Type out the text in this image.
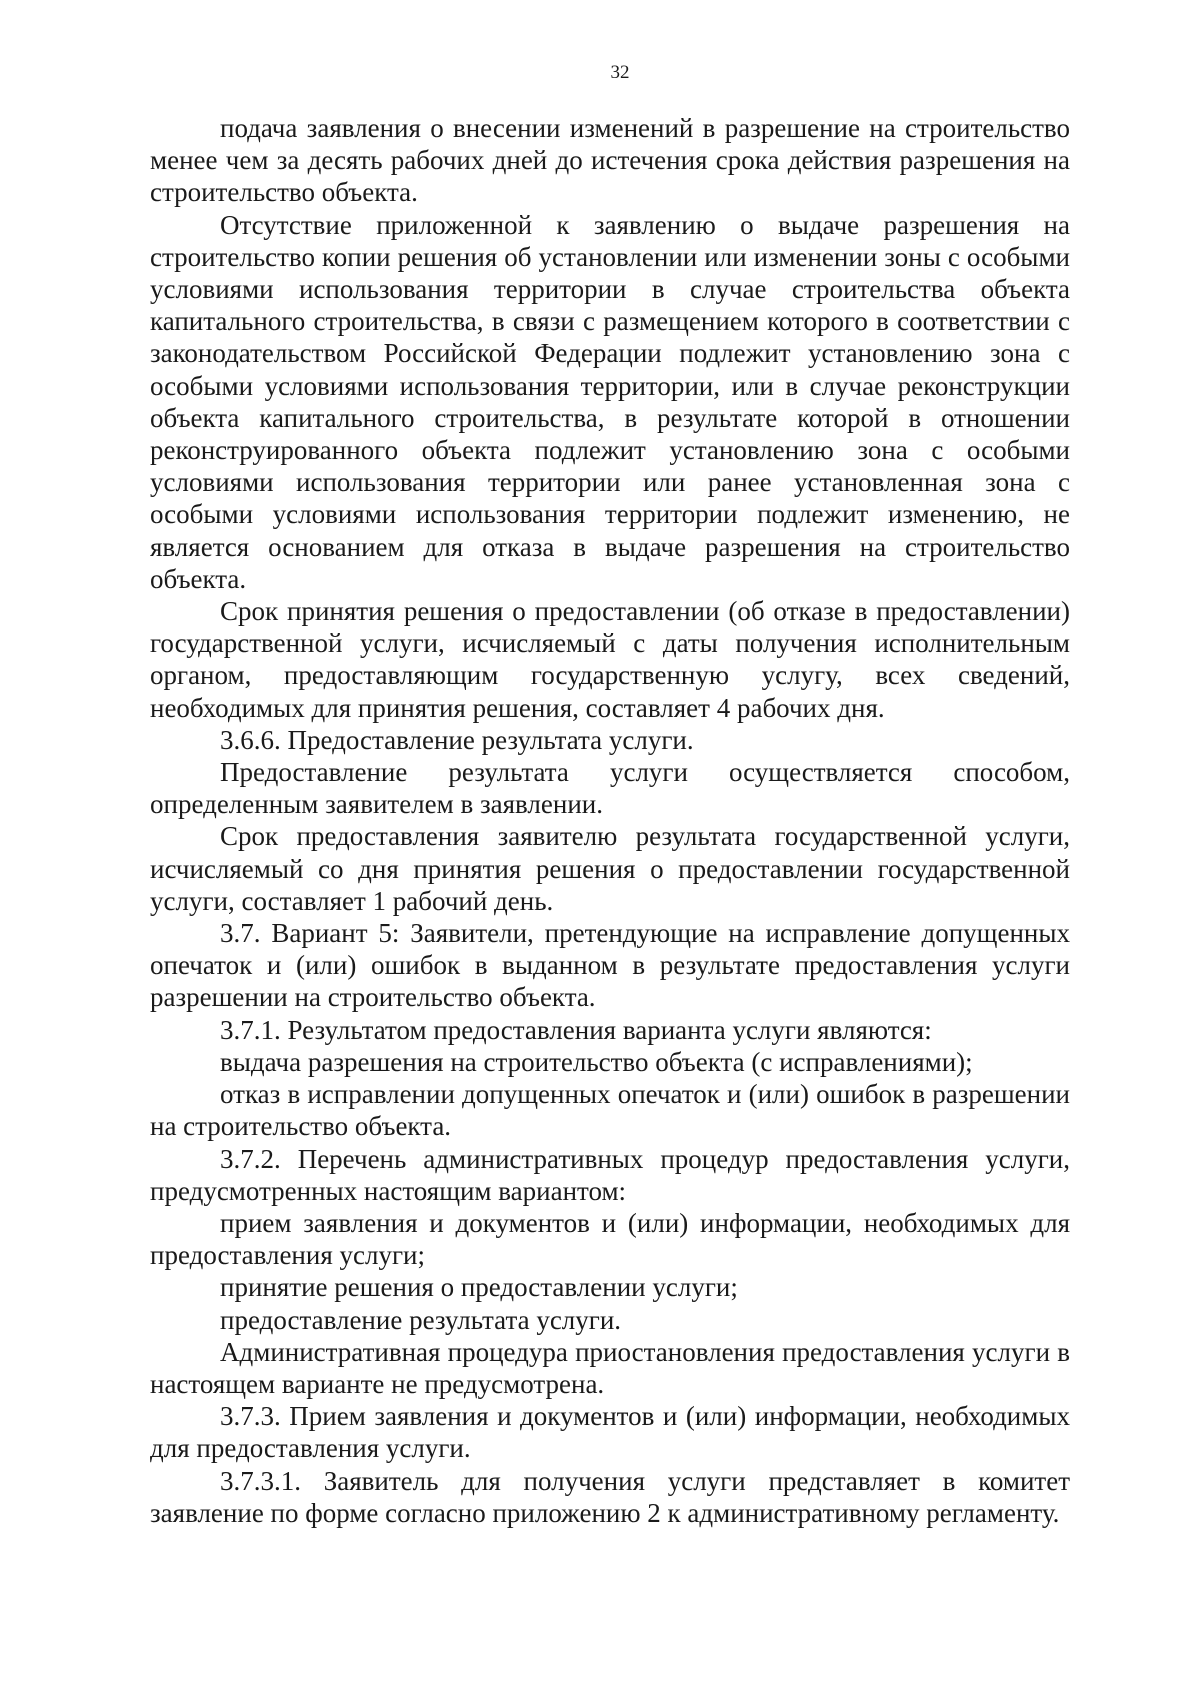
32

подача заявления о внесении изменений в разрешение на строительство менее чем за десять рабочих дней до истечения срока действия разрешения на строительство объекта.

Отсутствие приложенной к заявлению о выдаче разрешения на строительство копии решения об установлении или изменении зоны с особыми условиями использования территории в случае строительства объекта капитального строительства, в связи с размещением которого в соответствии с законодательством Российской Федерации подлежит установлению зона с особыми условиями использования территории, или в случае реконструкции объекта капитального строительства, в результате которой в отношении реконструированного объекта подлежит установлению зона с особыми условиями использования территории или ранее установленная зона с особыми условиями использования территории подлежит изменению, не является основанием для отказа в выдаче разрешения на строительство объекта.

Срок принятия решения о предоставлении (об отказе в предоставлении) государственной услуги, исчисляемый с даты получения исполнительным органом, предоставляющим государственную услугу, всех сведений, необходимых для принятия решения, составляет 4 рабочих дня.

3.6.6. Предоставление результата услуги.

Предоставление результата услуги осуществляется способом, определенным заявителем в заявлении.

Срок предоставления заявителю результата государственной услуги, исчисляемый со дня принятия решения о предоставлении государственной услуги, составляет 1 рабочий день.

3.7. Вариант 5: Заявители, претендующие на исправление допущенных опечаток и (или) ошибок в выданном в результате предоставления услуги разрешении на строительство объекта.

3.7.1. Результатом предоставления варианта услуги являются:

выдача разрешения на строительство объекта (с исправлениями);

отказ в исправлении допущенных опечаток и (или) ошибок в разрешении на строительство объекта.

3.7.2. Перечень административных процедур предоставления услуги, предусмотренных настоящим вариантом:

прием заявления и документов и (или) информации, необходимых для предоставления услуги;

принятие решения о предоставлении услуги;

предоставление результата услуги.

Административная процедура приостановления предоставления услуги в настоящем варианте не предусмотрена.

3.7.3. Прием заявления и документов и (или) информации, необходимых для предоставления услуги.

3.7.3.1. Заявитель для получения услуги представляет в комитет заявление по форме согласно приложению 2 к административному регламенту.
